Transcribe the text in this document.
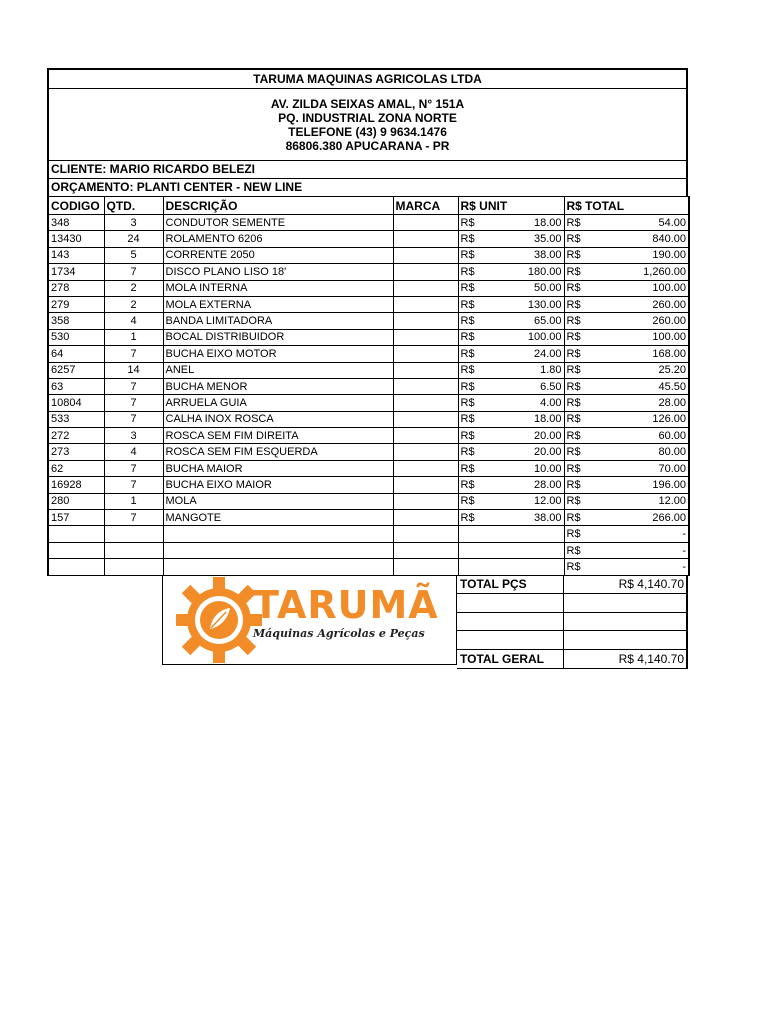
TARUMA MAQUINAS AGRICOLAS LTDA
AV. ZILDA SEIXAS AMAL, N° 151A
PQ. INDUSTRIAL ZONA NORTE
TELEFONE (43) 9 9634.1476
86806.380 APUCARANA - PR
CLIENTE: MARIO RICARDO BELEZI
ORÇAMENTO: PLANTI CENTER - NEW LINE
CODIGO	QTD.	DESCRIÇÃO	MARCA	R$ UNIT	R$ TOTAL
348	3	CONDUTOR SEMENTE		R$ 18.00	R$ 54.00

13430	24	ROLAMENTO 6206		R$ 35.00	R$ 840.00

143	5	CORRENTE 2050		R$ 38.00	R$ 190.00

1734	7	DISCO PLANO LISO 18'		R$ 180.00	R$ 1,260.00

278	2	MOLA INTERNA		R$ 50.00	R$ 100.00

279	2	MOLA EXTERNA		R$ 130.00	R$ 260.00

358	4	BANDA LIMITADORA		R$ 65.00	R$ 260.00

530	1	BOCAL DISTRIBUIDOR		R$ 100.00	R$ 100.00

64	7	BUCHA EIXO MOTOR		R$ 24.00	R$ 168.00

6257	14	ANEL		R$ 1.80	R$ 25.20

63	7	BUCHA MENOR		R$ 6.50	R$ 45.50

10804	7	ARRUELA GUIA		R$ 4.00	R$ 28.00

533	7	CALHA INOX ROSCA		R$ 18.00	R$ 126.00

272	3	ROSCA SEM FIM DIREITA		R$ 20.00	R$ 60.00

273	4	ROSCA SEM FIM ESQUERDA		R$ 20.00	R$ 80.00

62	7	BUCHA MAIOR		R$ 10.00	R$ 70.00

16928	7	BUCHA EIXO MAIOR		R$ 28.00	R$ 196.00

280	1	MOLA		R$ 12.00	R$ 12.00

157	7	MANGOTE		R$ 38.00	R$ 266.00

					R$ -

					R$ -

					R$ -
TARUMÃ
Máquinas Agrícolas e Peças
TOTAL PÇS	R$ 4,140.70
TOTAL GERAL	R$ 4,140.70
